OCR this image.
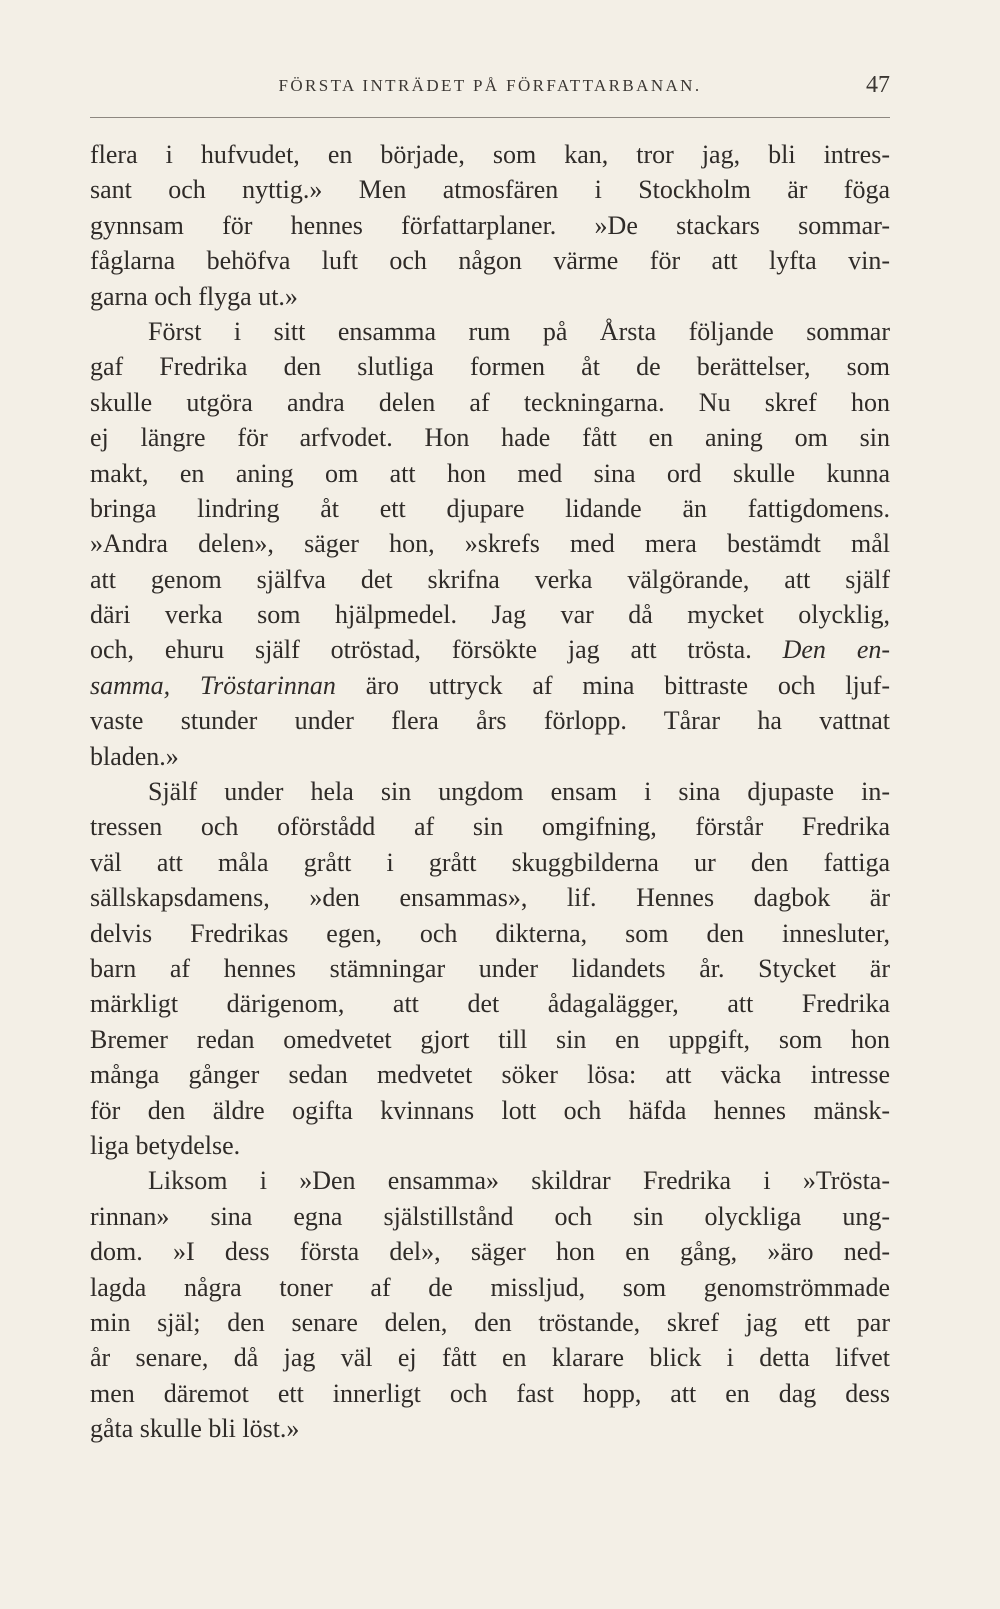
FÖRSTA INTRÄDET PÅ FÖRFATTARBANAN.	47
flera i hufvudet, en började, som kan, tror jag, bli intres-
sant och nyttig.» Men atmosfären i Stockholm är föga
gynnsam för hennes författarplaner. »De stackars sommar-
fåglarna behöfva luft och någon värme för att lyfta vin-
garna och flyga ut.»
Först i sitt ensamma rum på Årsta följande sommar
gaf Fredrika den slutliga formen åt de berättelser, som
skulle utgöra andra delen af teckningarna. Nu skref hon
ej längre för arfvodet. Hon hade fått en aning om sin
makt, en aning om att hon med sina ord skulle kunna
bringa lindring åt ett djupare lidande än fattigdomens.
»Andra delen», säger hon, »skrefs med mera bestämdt mål
att genom själfva det skrifna verka välgörande, att själf
däri verka som hjälpmedel. Jag var då mycket olycklig,
och, ehuru själf otröstad, försökte jag att trösta. Den en-
samma, Tröstarinnan äro uttryck af mina bittraste och ljuf-
vaste stunder under flera års förlopp. Tårar ha vattnat
bladen.»
Själf under hela sin ungdom ensam i sina djupaste in-
tressen och oförstådd af sin omgifning, förstår Fredrika
väl att måla grått i grått skuggbilderna ur den fattiga
sällskapsdamens, »den ensammas», lif. Hennes dagbok är
delvis Fredrikas egen, och dikterna, som den innesluter,
barn af hennes stämningar under lidandets år. Stycket är
märkligt därigenom, att det ådagalägger, att Fredrika
Bremer redan omedvetet gjort till sin en uppgift, som hon
många gånger sedan medvetet söker lösa: att väcka intresse
för den äldre ogifta kvinnans lott och häfda hennes mänsk-
liga betydelse.
Liksom i »Den ensamma» skildrar Fredrika i »Trösta-
rinnan» sina egna själstillstånd och sin olyckliga ung-
dom. »I dess första del», säger hon en gång, »äro ned-
lagda några toner af de missljud, som genomströmmade
min själ; den senare delen, den tröstande, skref jag ett par
år senare, då jag väl ej fått en klarare blick i detta lifvet
men däremot ett innerligt och fast hopp, att en dag dess
gåta skulle bli löst.»
